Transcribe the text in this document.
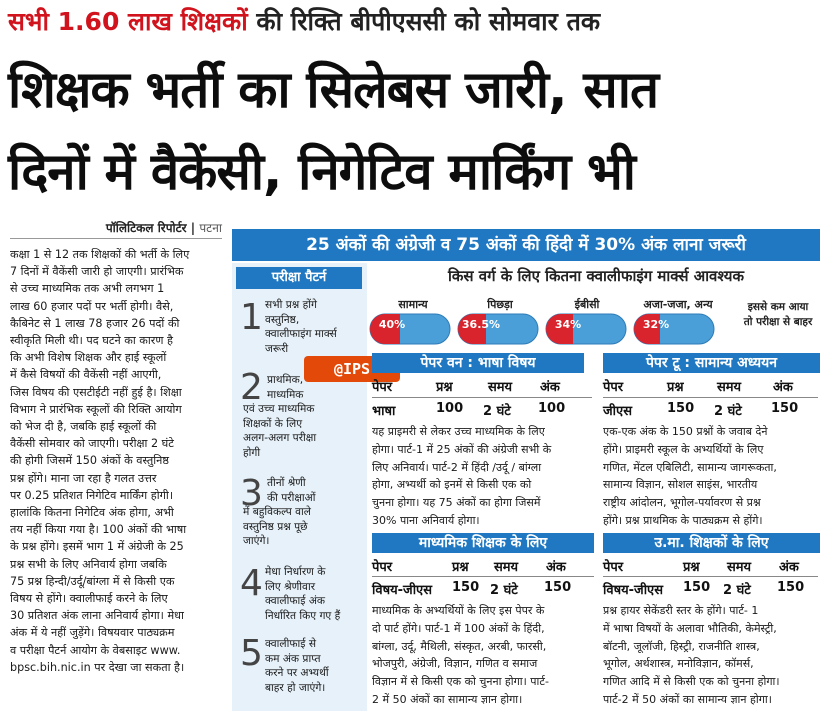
सभी 1.60 लाख शिक्षकों की रिक्ति बीपीएससी को सोमवार तक
शिक्षक भर्ती का सिलेबस जारी, सात
दिनों में वैकेंसी, निगेटिव मार्किंग भी
पॉलिटिकल रिपोर्टर | पटना
कक्षा 1 से 12 तक शिक्षकों की भर्ती के लिए
7 दिनों में वैकेंसी जारी हो जाएगी। प्रारंभिक
से उच्च माध्यमिक तक अभी लगभग 1
लाख 60 हजार पदों पर भर्ती होगी। वैसे,
कैबिनेट से 1 लाख 78 हजार 26 पदों की
स्वीकृति मिली थी। पद घटने का कारण है
कि अभी विशेष शिक्षक और हाई स्कूलों
में कैसे विषयों की वैकेंसी नहीं आएगी,
जिस विषय की एसटीईटी नहीं हुई है। शिक्षा
विभाग ने प्रारंभिक स्कूलों की रिक्ति आयोग
को भेज दी है, जबकि हाई स्कूलों की
वैकेंसी सोमवार को जाएगी। परीक्षा 2 घंटे
की होगी जिसमें 150 अंकों के वस्तुनिष्ठ
प्रश्न होंगे। माना जा रहा है गलत उत्तर
पर 0.25 प्रतिशत निगेटिव मार्किंग होगी।
हालांकि कितना निगेटिव अंक होगा, अभी
तय नहीं किया गया है। 100 अंकों की भाषा
के प्रश्न होंगे। इसमें भाग 1 में अंग्रेजी के 25
प्रश्न सभी के लिए अनिवार्य होगा जबकि
75 प्रश्न हिन्दी/उर्दू/बांग्ला में से किसी एक
विषय से होंगे। क्वालीफाई करने के लिए
30 प्रतिशत अंक लाना अनिवार्य होगा। मेधा
अंक में ये नहीं जुड़ेंगे। विषयवार पाठ्यक्रम
व परीक्षा पैटर्न आयोग के वेबसाइट www.
bpsc.bih.nic.in पर देखा जा सकता है।
25 अंकों की अंग्रेजी व 75 अंकों की हिंदी में 30% अंक लाना जरूरी
परीक्षा पैटर्न
1 सभी प्रश्न होंगे
वस्तुनिष्ठ,
क्वालीफाइंग मार्क्स
जरूरी
2 प्राथमिक,
माध्यमिक
एवं उच्च माध्यमिक
शिक्षकों के लिए
अलग-अलग परीक्षा
होगी
3 तीनों श्रेणी
की परीक्षाओं
में बहुविकल्प वाले
वस्तुनिष्ठ प्रश्न पूछे
जाएंगे।
4 मेधा निर्धारण के
लिए श्रेणीवार
क्वालीफाई अंक
निर्धारित किए गए हैं
5 क्वालीफाई से
कम अंक प्राप्त
करने पर अभ्यर्थी
बाहर हो जाएंगे।
किस वर्ग के लिए कितना क्वालीफाइंग मार्क्स आवश्यक
सामान्य	पिछड़ा	ईबीसी	अजा-जजा, अन्य
40%	36.5%	34%	32%
इससे कम आया
तो परीक्षा से बाहर
@IPS	पेपर वन : भाषा विषय
पेपर	प्रश्न	समय अंक
भाषा	100 2 घंटे 100
यह प्राइमरी से लेकर उच्च माध्यमिक के लिए
होगा। पार्ट-1 में 25 अंकों की अंग्रेजी सभी के
लिए अनिवार्य। पार्ट-2 में हिंदी /उर्दू / बांग्ला
होगा, अभ्यर्थी को इनमें से किसी एक को
चुनना होगा। यह 75 अंकों का होगा जिसमें
30% पाना अनिवार्य होगा।
पेपर टू : सामान्य अध्ययन
पेपर	प्रश्न	समय अंक
जीएस	150 2 घंटे 150
एक-एक अंक के 150 प्रश्नों के जवाब देने
होंगे। प्राइमरी स्कूल के अभ्यर्थियों के लिए
गणित, मेंटल एबिलिटी, सामान्य जागरूकता,
सामान्य विज्ञान, सोशल साइंस, भारतीय
राष्ट्रीय आंदोलन, भूगोल-पर्यावरण से प्रश्न
होंगे। प्रश्न प्राथमिक के पाठ्यक्रम से होंगे।
माध्यमिक शिक्षक के लिए
पेपर	प्रश्न समय अंक
विषय-जीएस 150 2 घंटे 150
माध्यमिक के अभ्यर्थियों के लिए इस पेपर के
दो पार्ट होंगे। पार्ट-1 में 100 अंकों के हिंदी,
बांग्ला, उर्दू, मैथिली, संस्कृत, अरबी, फारसी,
भोजपुरी, अंग्रेजी, विज्ञान, गणित व समाज
विज्ञान में से किसी एक को चुनना होगा। पार्ट-
2 में 50 अंकों का सामान्य ज्ञान होगा।
उ.मा. शिक्षकों के लिए
पेपर	प्रश्न समय अंक
विषय-जीएस 150 2 घंटे 150
प्रश्न हायर सेकेंडरी स्तर के होंगे। पार्ट- 1
में भाषा विषयों के अलावा भौतिकी, केमेस्ट्री,
बॉटनी, जूलॉजी, हिस्ट्री, राजनीति शास्त्र,
भूगोल, अर्थशास्त्र, मनोविज्ञान, कॉमर्स,
गणित आदि में से किसी एक को चुनना होगा।
पार्ट-2 में 50 अंकों का सामान्य ज्ञान होगा।
